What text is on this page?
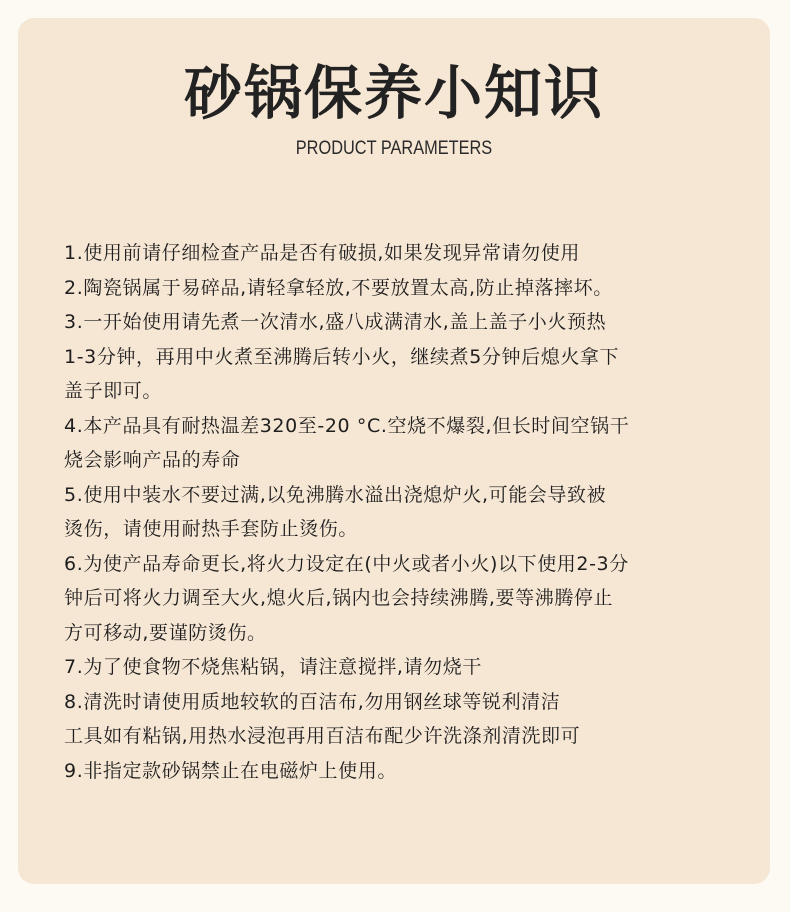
砂锅保养小知识
PRODUCT PARAMETERS
1.使用前请仔细检查产品是否有破损,如果发现异常请勿使用
2.陶瓷锅属于易碎品,请轻拿轻放,不要放置太高,防止掉落摔坏。
3.一开始使用请先煮一次清水,盛八成满清水,盖上盖子小火预热
1-3分钟，再用中火煮至沸腾后转小火，继续煮5分钟后熄火拿下
盖子即可。
4.本产品具有耐热温差320至-20 °C.空烧不爆裂,但长时间空锅干
烧会影响产品的寿命
5.使用中装水不要过满,以免沸腾水溢出浇熄炉火,可能会导致被
烫伤，请使用耐热手套防止烫伤。
6.为使产品寿命更长,将火力设定在(中火或者小火)以下使用2-3分
钟后可将火力调至大火,熄火后,锅内也会持续沸腾,要等沸腾停止
方可移动,要谨防烫伤。
7.为了使食物不烧焦粘锅，请注意搅拌,请勿烧干
8.清洗时请使用质地较软的百洁布,勿用钢丝球等锐利清洁
工具如有粘锅,用热水浸泡再用百洁布配少许洗涤剂清洗即可
9.非指定款砂锅禁止在电磁炉上使用。
